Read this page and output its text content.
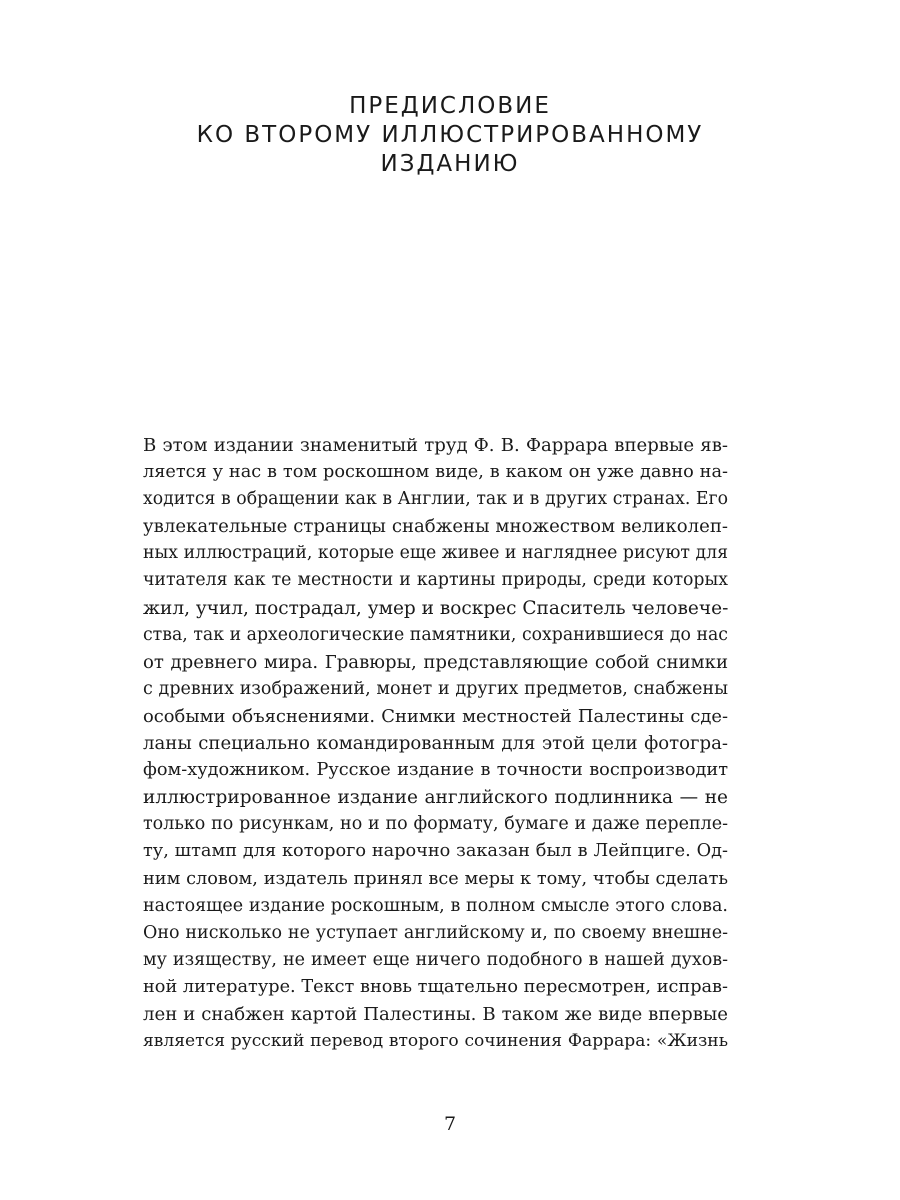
ПРЕДИСЛОВИЕ
КО ВТОРОМУ ИЛЛЮСТРИРОВАННОМУ
ИЗДАНИЮ
В этом издании знаменитый труд Ф. В. Фаррара впервые яв-
ляется у нас в том роскошном виде, в каком он уже давно на-
ходится в обращении как в Англии, так и в других странах. Его
увлекательные страницы снабжены множеством великолеп-
ных иллюстраций, которые еще живее и нагляднее рисуют для
читателя как те местности и картины природы, среди которых
жил, учил, пострадал, умер и воскрес Спаситель человече-
ства, так и археологические памятники, сохранившиеся до нас
от древнего мира. Гравюры, представляющие собой снимки
с древних изображений, монет и других предметов, снабжены
особыми объяснениями. Снимки местностей Палестины сде-
ланы специально командированным для этой цели фотогра-
фом-художником. Русское издание в точности воспроизводит
иллюстрированное издание английского подлинника — не
только по рисункам, но и по формату, бумаге и даже перепле-
ту, штамп для которого нарочно заказан был в Лейпциге. Од-
ним словом, издатель принял все меры к тому, чтобы сделать
настоящее издание роскошным, в полном смысле этого слова.
Оно нисколько не уступает английскому и, по своему внешне-
му изяществу, не имеет еще ничего подобного в нашей духов-
ной литературе. Текст вновь тщательно пересмотрен, исправ-
лен и снабжен картой Палестины. В таком же виде впервые
является русский перевод второго сочинения Фаррара: «Жизнь
7
